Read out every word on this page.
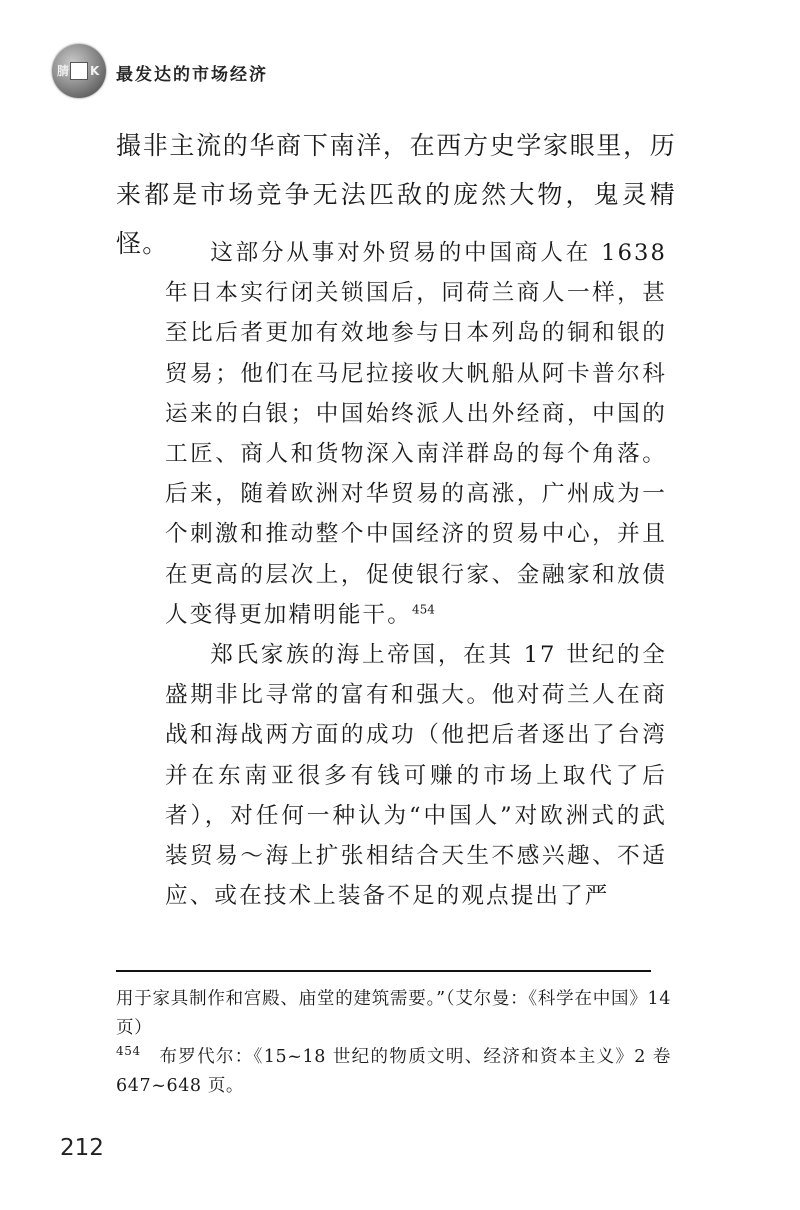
腈 K 最发达的市场经济

撮非主流的华商下南洋，在西方史学家眼里，历来都是市场竞争无法匹敌的庞然大物，鬼灵精怪。	这部分从事对外贸易的中国商人在 1638 年日本实行闭关锁国后，同荷兰商人一样，甚至比后者更加有效地参与日本列岛的铜和银的贸易；他们在马尼拉接收大帆船从阿卡普尔科运来的白银；中国始终派人出外经商，中国的工匠、商人和货物深入南洋群岛的每个角落。后来，随着欧洲对华贸易的高涨，广州成为一个刺激和推动整个中国经济的贸易中心，并且在更高的层次上，促使银行家、金融家和放债人变得更加精明能干。$^{454}$

郑氏家族的海上帝国，在其 17 世纪的全盛期非比寻常的富有和强大。他对荷兰人在商战和海战两方面的成功（他把后者逐出了台湾并在东南亚很多有钱可赚的市场上取代了后者），对任何一种认为“中国人”对欧洲式的武装贸易～海上扩张相结合天生不感兴趣、不适应、或在技术上装备不足的观点提出了严

用于家具制作和宫殿、庙堂的建筑需要。”（艾尔曼：《科学在中国》14 页）

$^{454}$ 布罗代尔：《15~18 世纪的物质文明、经济和资本主义》2 卷 647~648 页。

212
